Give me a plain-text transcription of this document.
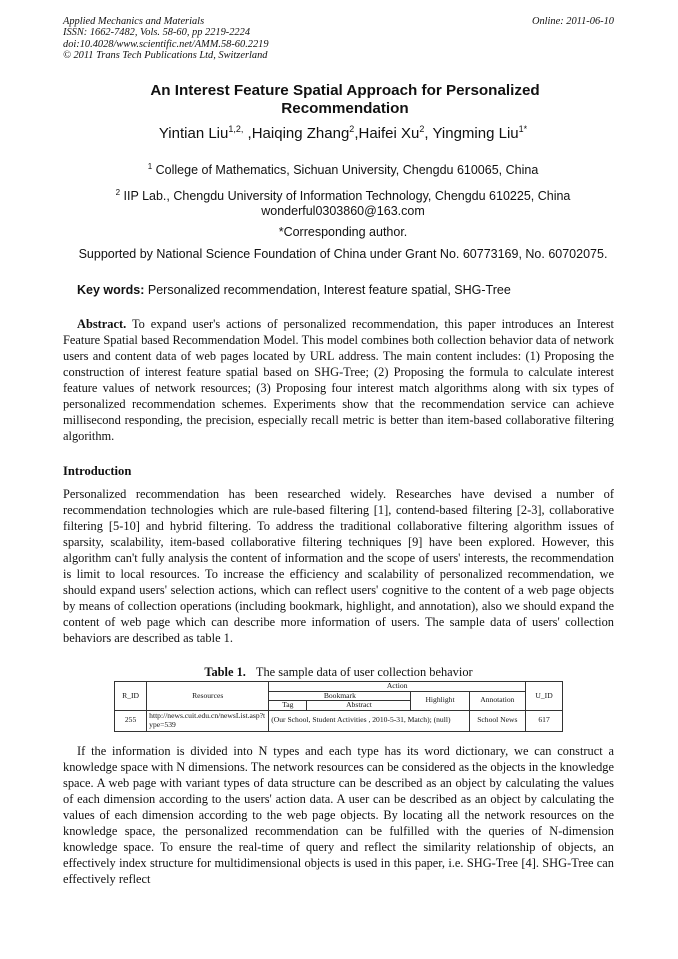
Applied Mechanics and Materials
ISSN: 1662-7482, Vols. 58-60, pp 2219-2224
doi:10.4028/www.scientific.net/AMM.58-60.2219
© 2011 Trans Tech Publications Ltd, Switzerland
Online: 2011-06-10
An Interest Feature Spatial Approach for Personalized
Recommendation
Yintian Liu$^{1,2,}$ ,Haiqing Zhang$^2$,Haifei Xu$^2$, Yingming Liu$^{1*}$
$^1$ College of Mathematics, Sichuan University, Chengdu 610065, China
$^2$ IIP Lab., Chengdu University of Information Technology, Chengdu 610225, China
wonderful0303860@163.com
*Corresponding author.
Supported by National Science Foundation of China under Grant No. 60773169, No. 60702075.
Key words: Personalized recommendation, Interest feature spatial, SHG-Tree
Abstract. To expand user's actions of personalized recommendation, this paper introduces an Interest Feature Spatial based Recommendation Model. This model combines both collection behavior data of network users and content data of web pages located by URL address. The main content includes: (1) Proposing the construction of interest feature spatial based on SHG-Tree; (2) Proposing the formula to calculate interest feature values of network resources; (3) Proposing four interest match algorithms along with six types of personalized recommendation schemes. Experiments show that the recommendation service can achieve millisecond responding, the precision, especially recall metric is better than item-based collaborative filtering algorithm.
Introduction
Personalized recommendation has been researched widely. Researches have devised a number of recommendation technologies which are rule-based filtering [1], contend-based filtering [2-3], collaborative filtering [5-10] and hybrid filtering. To address the traditional collaborative filtering algorithm issues of sparsity, scalability, item-based collaborative filtering techniques [9] have been explored. However, this algorithm can't fully analysis the content of information and the scope of users' interests, the recommendation is limit to local resources. To increase the efficiency and scalability of personalized recommendation, we should expand users' selection actions, which can reflect users' cognitive to the content of a web page objects by means of collection operations (including bookmark, highlight, and annotation), also we should expand the content of web page which can describe more information of users. The sample data of users' collection behaviors are described as table 1.
Table 1. The sample data of user collection behavior
R_ID	Resources	Action				U_ID
		Bookmark		Highlight	Annotation	
		Tag	Abstract			
255	http://news.cuit.edu.cn/newsList.asp?type=539	(Our School, Student Activities , 2010-5-31, Match); (null)			School News	617
If the information is divided into N types and each type has its word dictionary, we can construct a knowledge space with N dimensions. The network resources can be considered as the objects in the knowledge space. A web page with variant types of data structure can be described as an object by calculating the values of each dimension according to the users' action data. A user can be described as an object by calculating the values of each dimension according to the web page objects. By locating all the network resources on the knowledge space, the personalized recommendation can be fulfilled with the queries of N-dimension knowledge space. To ensure the real-time of query and reflect the similarity relationship of objects, an effectively index structure for multidimensional objects is used in this paper, i.e. SHG-Tree [4]. SHG-Tree can effectively reflect
